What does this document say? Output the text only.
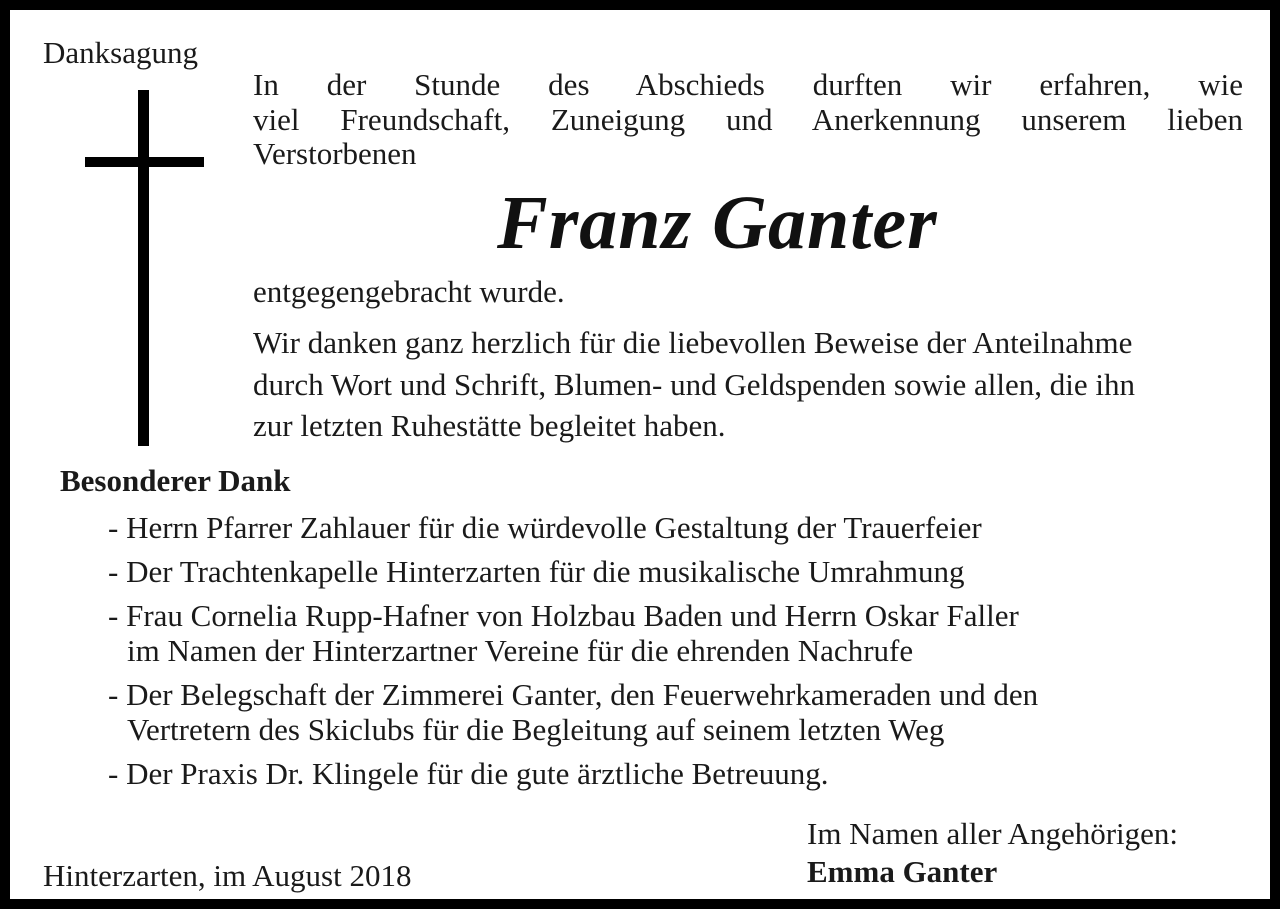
Danksagung

In der Stunde des Abschieds durften wir erfahren, wie
viel Freundschaft, Zuneigung und Anerkennung unserem lieben
Verstorbenen

Franz Ganter

entgegengebracht wurde.

Wir danken ganz herzlich für die liebevollen Beweise der Anteilnahme
durch Wort und Schrift, Blumen- und Geldspenden sowie allen, die ihn
zur letzten Ruhestätte begleitet haben.

Besonderer Dank

- Herrn Pfarrer Zahlauer für die würdevolle Gestaltung der Trauerfeier
- Der Trachtenkapelle Hinterzarten für die musikalische Umrahmung
- Frau Cornelia Rupp-Hafner von Holzbau Baden und Herrn Oskar Faller
im Namen der Hinterzartner Vereine für die ehrenden Nachrufe
- Der Belegschaft der Zimmerei Ganter, den Feuerwehrkameraden und den
Vertretern des Skiclubs für die Begleitung auf seinem letzten Weg
- Der Praxis Dr. Klingele für die gute ärztliche Betreuung.

Im Namen aller Angehörigen:

Emma Ganter

Hinterzarten, im August 2018
